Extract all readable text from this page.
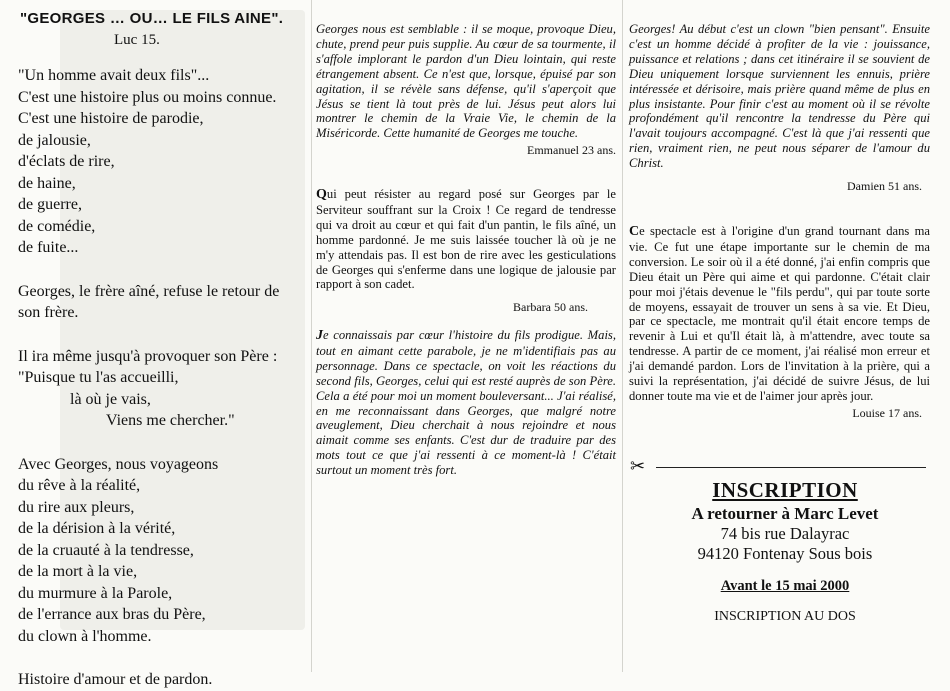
"GEORGES … OU… LE FILS AINE".
Luc 15.
"Un homme avait deux fils"...
C'est une histoire plus ou moins connue.
C'est une histoire de parodie,
de jalousie,
d'éclats de rire,
de haine,
de guerre,
de comédie,
de fuite...
Georges, le frère aîné, refuse le retour de
son frère.
Il ira même jusqu'à provoquer son Père :
"Puisque tu l'as accueilli,
là où je vais,
Viens me chercher."
Avec Georges, nous voyageons
du rêve à la réalité,
du rire aux pleurs,
de la dérision à la vérité,
de la cruauté à la tendresse,
de la mort à la vie,
du murmure à la Parole,
de l'errance aux bras du Père,
du clown à l'homme.
Histoire d'amour et de pardon.

Georges nous est semblable : il se moque, provoque Dieu, chute, prend peur puis supplie. Au cœur de sa tourmente, il s'affole implorant le pardon d'un Dieu lointain, qui reste étrangement absent. Ce n'est que, lorsque, épuisé par son agitation, il se révèle sans défense, qu'il s'aperçoit que Jésus se tient là tout près de lui. Jésus peut alors lui montrer le chemin de la Vraie Vie, le chemin de la Miséricorde. Cette humanité de Georges me touche.

Emmanuel 23 ans.

Qui peut résister au regard posé sur Georges par le Serviteur souffrant sur la Croix ! Ce regard de tendresse qui va droit au cœur et qui fait d'un pantin, le fils aîné, un homme pardonné. Je me suis laissée toucher là où je ne m'y attendais pas. Il est bon de rire avec les gesticulations de Georges qui s'enferme dans une logique de jalousie par rapport à son cadet.

Barbara 50 ans.

Je connaissais par cœur l'histoire du fils prodigue. Mais, tout en aimant cette parabole, je ne m'identifiais pas au personnage. Dans ce spectacle, on voit les réactions du second fils, Georges, celui qui est resté auprès de son Père. Cela a été pour moi un moment bouleversant... J'ai réalisé, en me reconnaissant dans Georges, que malgré notre aveuglement, Dieu cherchait à nous rejoindre et nous aimait comme ses enfants. C'est dur de traduire par des mots tout ce que j'ai ressenti à ce moment-là ! C'était surtout un moment très fort.

Georges! Au début c'est un clown "bien pensant". Ensuite c'est un homme décidé à profiter de la vie : jouissance, puissance et relations ; dans cet itinéraire il se souvient de Dieu uniquement lorsque surviennent les ennuis, prière intéressée et dérisoire, mais prière quand même de plus en plus insistante. Pour finir c'est au moment où il se révolte profondément qu'il rencontre la tendresse du Père qui l'avait toujours accompagné. C'est là que j'ai ressenti que rien, vraiment rien, ne peut nous séparer de l'amour du Christ.

Damien 51 ans.

Ce spectacle est à l'origine d'un grand tournant dans ma vie. Ce fut une étape importante sur le chemin de ma conversion. Le soir où il a été donné, j'ai enfin compris que Dieu était un Père qui aime et qui pardonne. C'était clair pour moi j'étais devenue le "fils perdu", qui par toute sorte de moyens, essayait de trouver un sens à sa vie. Et Dieu, par ce spectacle, me montrait qu'il était encore temps de revenir à Lui et qu'Il était là, à m'attendre, avec toute sa tendresse. A partir de ce moment, j'ai réalisé mon erreur et j'ai demandé pardon. Lors de l'invitation à la prière, qui a suivi la représentation, j'ai décidé de suivre Jésus, de lui donner toute ma vie et de l'aimer jour après jour.

Louise 17 ans.
✂
INSCRIPTION
A retourner à Marc Levet
74 bis rue Dalayrac
94120 Fontenay Sous bois
Avant le 15 mai 2000
INSCRIPTION AU DOS
